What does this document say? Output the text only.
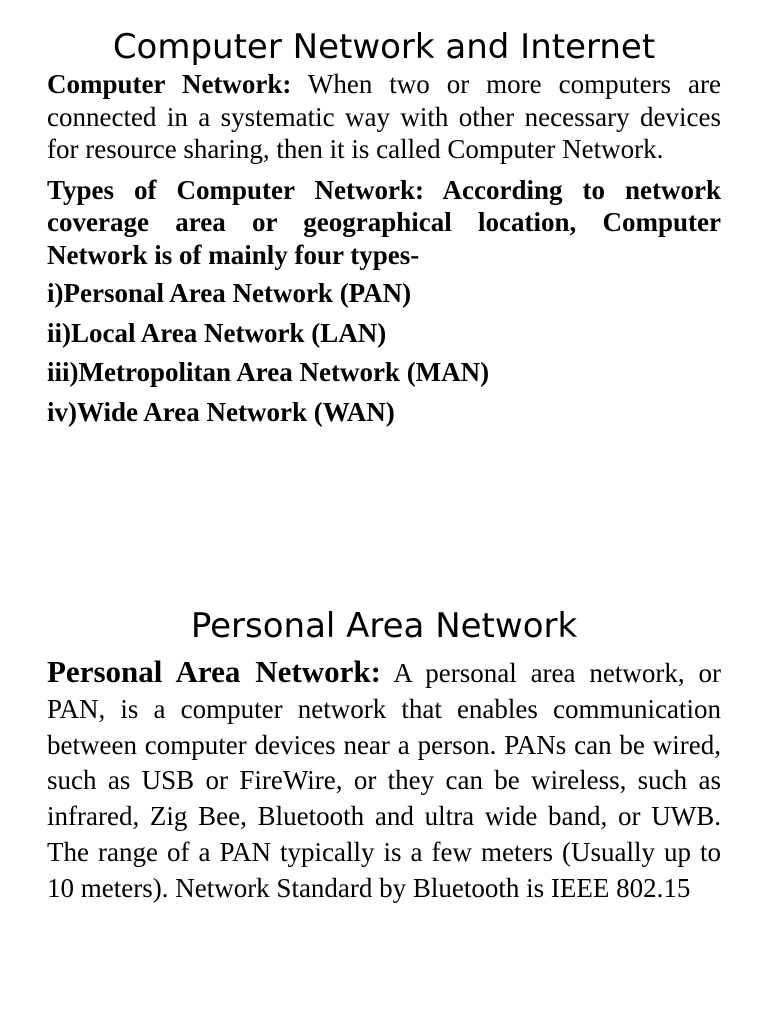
Computer Network and Internet

Computer Network: When two or more computers are connected in a systematic way with other necessary devices for resource sharing, then it is called Computer Network.

Types of Computer Network: According to network coverage area or geographical location, Computer Network is of mainly four types-

i)Personal Area Network (PAN)
ii)Local Area Network (LAN)
iii)Metropolitan Area Network (MAN)
iv)Wide Area Network (WAN)
Personal Area Network

Personal Area Network: A personal area network, or PAN, is a computer network that enables communication between computer devices near a person. PANs can be wired, such as USB or FireWire, or they can be wireless, such as infrared, Zig Bee, Bluetooth and ultra wide band, or UWB. The range of a PAN typically is a few meters (Usually up to 10 meters). Network Standard by Bluetooth is IEEE 802.15
